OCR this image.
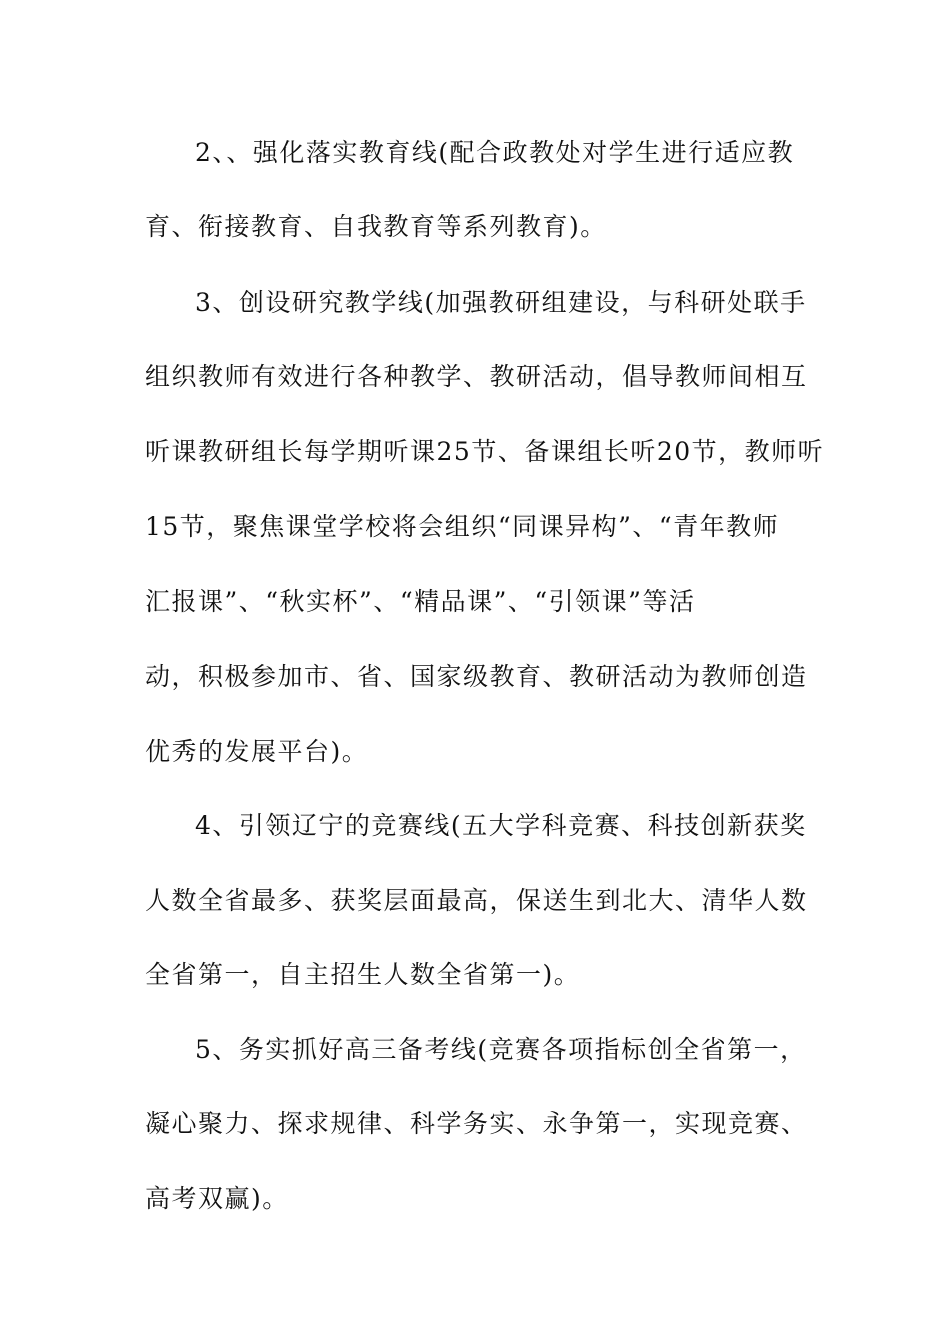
2、、强化落实教育线(配合政教处对学生进行适应教
育、衔接教育、自我教育等系列教育)。
3、创设研究教学线(加强教研组建设，与科研处联手
组织教师有效进行各种教学、教研活动，倡导教师间相互
听课教研组长每学期听课25节、备课组长听20节，教师听
15节，聚焦课堂学校将会组织“同课异构”、“青年教师
汇报课”、“秋实杯”、“精品课”、“引领课”等活
动，积极参加市、省、国家级教育、教研活动为教师创造
优秀的发展平台)。
4、引领辽宁的竞赛线(五大学科竞赛、科技创新获奖
人数全省最多、获奖层面最高，保送生到北大、清华人数
全省第一，自主招生人数全省第一)。
5、务实抓好高三备考线(竞赛各项指标创全省第一，
凝心聚力、探求规律、科学务实、永争第一，实现竞赛、
高考双赢)。
